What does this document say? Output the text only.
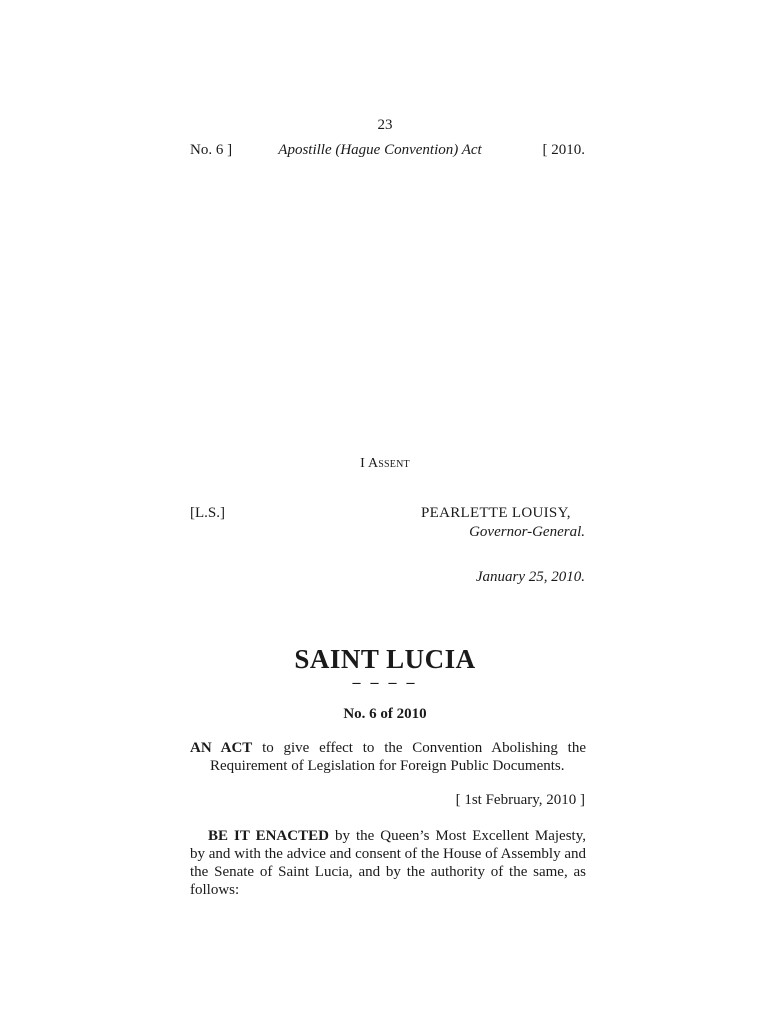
23
No. 6 ]	Apostille (Hague Convention) Act	[ 2010.
I Assent
[L.S.]	PEARLETTE LOUISY,
Governor-General.
January 25, 2010.
SAINT LUCIA
– – – –
No. 6 of 2010
AN ACT to give effect to the Convention Abolishing the Requirement of Legislation for Foreign Public Documents.
[ 1st February, 2010 ]
BE IT ENACTED by the Queen’s Most Excellent Majesty, by and with the advice and consent of the House of Assembly and the Senate of Saint Lucia, and by the authority of the same, as follows:
